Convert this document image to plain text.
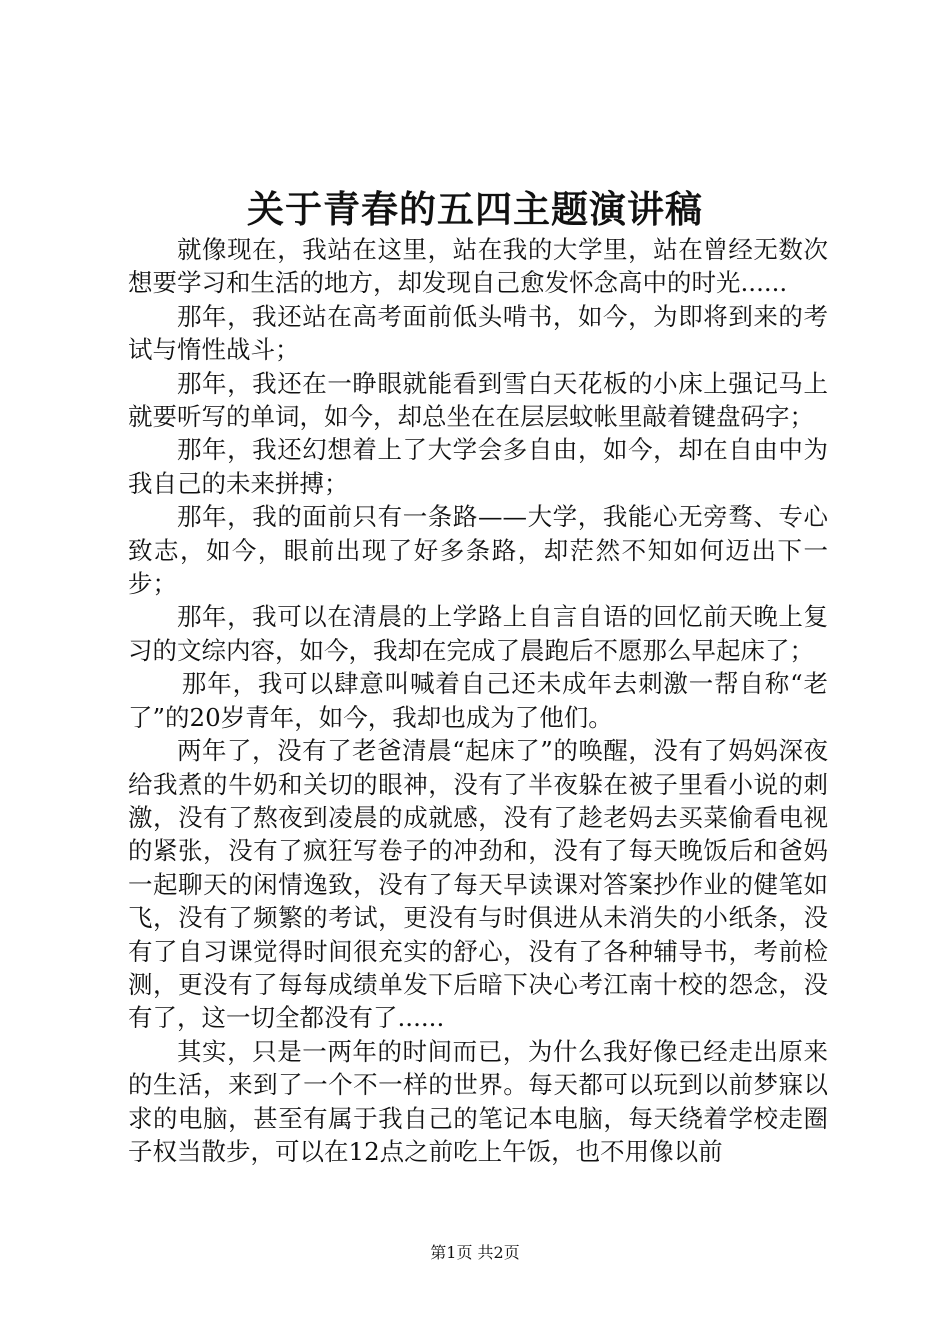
关于青春的五四主题演讲稿

就像现在，我站在这里，站在我的大学里，站在曾经无数次想要学习和生活的地方，却发现自己愈发怀念高中的时光......

那年，我还站在高考面前低头啃书，如今，为即将到来的考试与惰性战斗；

那年，我还在一睁眼就能看到雪白天花板的小床上强记马上就要听写的单词，如今，却总坐在在层层蚊帐里敲着键盘码字；

那年，我还幻想着上了大学会多自由，如今，却在自由中为我自己的未来拼搏；

那年，我的面前只有一条路——大学，我能心无旁骛、专心致志，如今，眼前出现了好多条路，却茫然不知如何迈出下一步；

那年，我可以在清晨的上学路上自言自语的回忆前天晚上复习的文综内容，如今，我却在完成了晨跑后不愿那么早起床了；

那年，我可以肆意叫喊着自己还未成年去刺激一帮自称“老了”的20岁青年，如今，我却也成为了他们。

两年了，没有了老爸清晨“起床了”的唤醒，没有了妈妈深夜给我煮的牛奶和关切的眼神，没有了半夜躲在被子里看小说的刺激，没有了熬夜到凌晨的成就感，没有了趁老妈去买菜偷看电视的紧张，没有了疯狂写卷子的冲劲和，没有了每天晚饭后和爸妈一起聊天的闲情逸致，没有了每天早读课对答案抄作业的健笔如飞，没有了频繁的考试，更没有与时俱进从未消失的小纸条，没有了自习课觉得时间很充实的舒心，没有了各种辅导书，考前检测，更没有了每每成绩单发下后暗下决心考江南十校的怨念，没有了，这一切全都没有了......

其实，只是一两年的时间而已，为什么我好像已经走出原来的生活，来到了一个不一样的世界。每天都可以玩到以前梦寐以求的电脑，甚至有属于我自己的笔记本电脑，每天绕着学校走圈子权当散步，可以在12点之前吃上午饭，也不用像以前

第1页 共2页
